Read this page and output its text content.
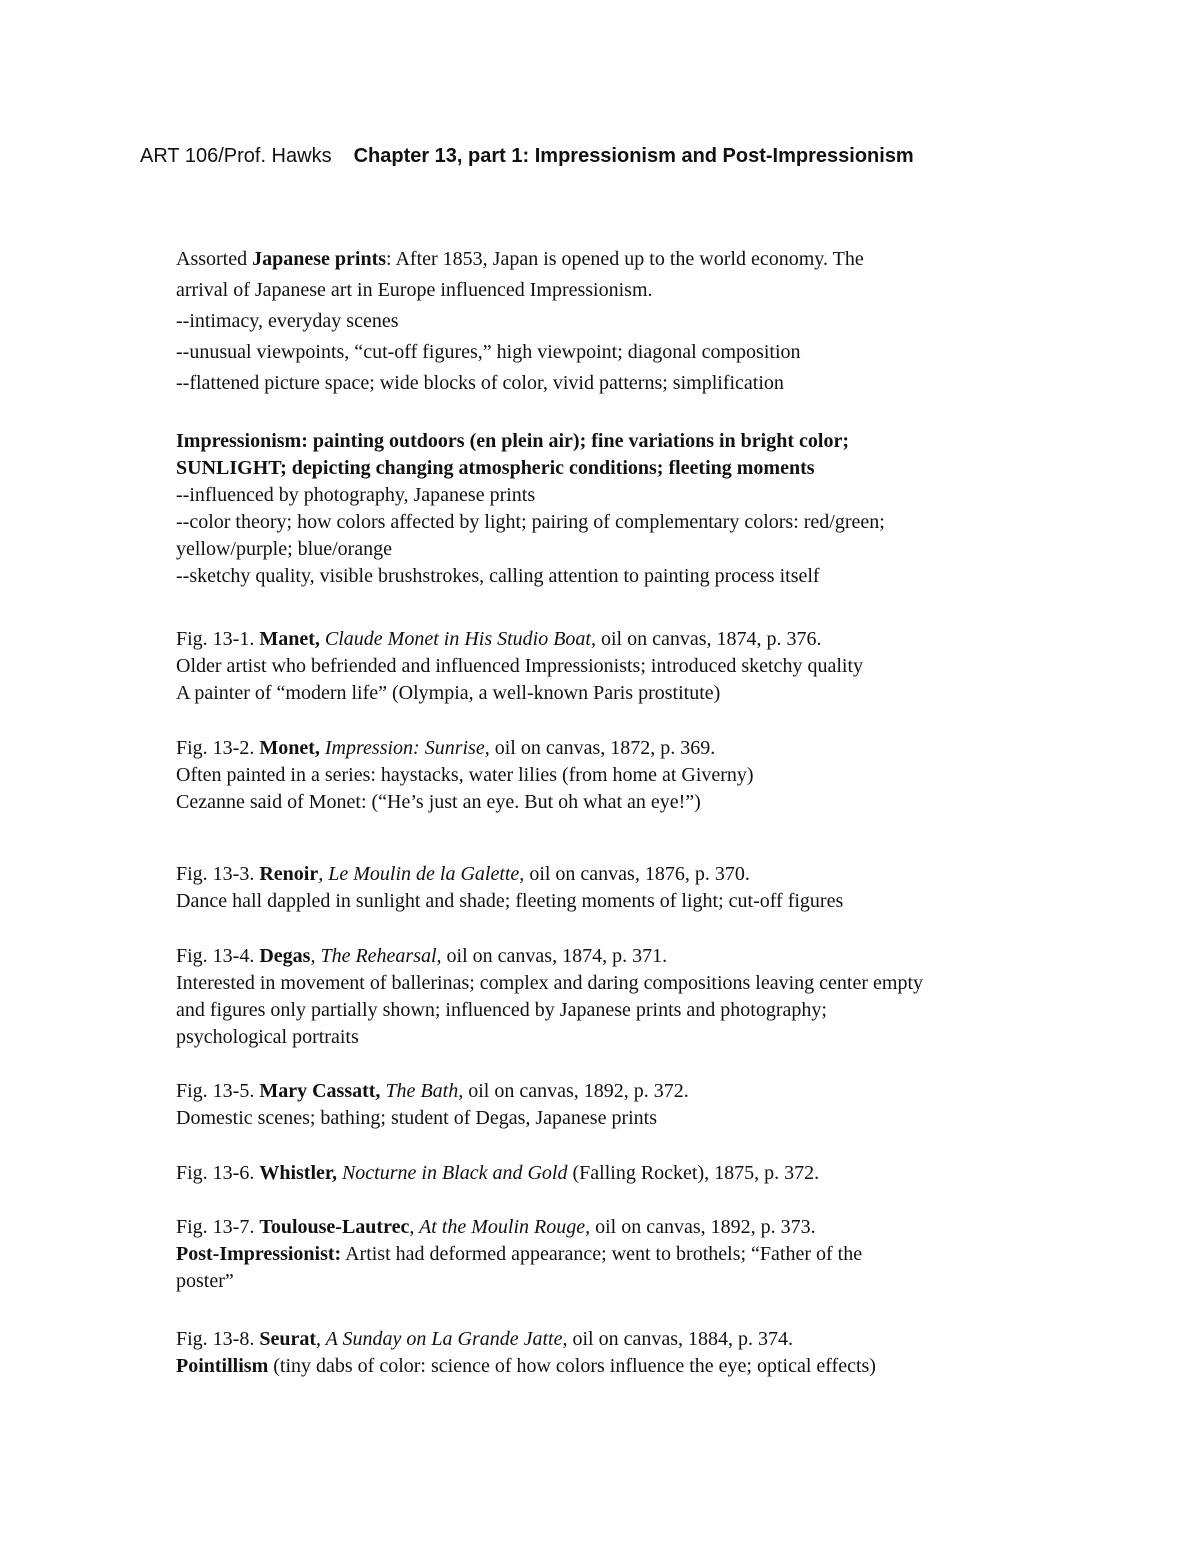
ART 106/Prof. Hawks Chapter 13, part 1: Impressionism and Post-Impressionism
Assorted Japanese prints: After 1853, Japan is opened up to the world economy. The
arrival of Japanese art in Europe influenced Impressionism.
--intimacy, everyday scenes
--unusual viewpoints, “cut-off figures,” high viewpoint; diagonal composition
--flattened picture space; wide blocks of color, vivid patterns; simplification
Impressionism: painting outdoors (en plein air); fine variations in bright color;
SUNLIGHT; depicting changing atmospheric conditions; fleeting moments
--influenced by photography, Japanese prints
--color theory; how colors affected by light; pairing of complementary colors: red/green;
yellow/purple; blue/orange
--sketchy quality, visible brushstrokes, calling attention to painting process itself
Fig. 13-1. Manet, Claude Monet in His Studio Boat, oil on canvas, 1874, p. 376.
Older artist who befriended and influenced Impressionists; introduced sketchy quality
A painter of “modern life” (Olympia, a well-known Paris prostitute)
Fig. 13-2. Monet, Impression: Sunrise, oil on canvas, 1872, p. 369.
Often painted in a series: haystacks, water lilies (from home at Giverny)
Cezanne said of Monet: (“He’s just an eye. But oh what an eye!”)
Fig. 13-3. Renoir, Le Moulin de la Galette, oil on canvas, 1876, p. 370.
Dance hall dappled in sunlight and shade; fleeting moments of light; cut-off figures
Fig. 13-4. Degas, The Rehearsal, oil on canvas, 1874, p. 371.
Interested in movement of ballerinas; complex and daring compositions leaving center empty
and figures only partially shown; influenced by Japanese prints and photography;
psychological portraits
Fig. 13-5. Mary Cassatt, The Bath, oil on canvas, 1892, p. 372.
Domestic scenes; bathing; student of Degas, Japanese prints
Fig. 13-6. Whistler, Nocturne in Black and Gold (Falling Rocket), 1875, p. 372.
Fig. 13-7. Toulouse-Lautrec, At the Moulin Rouge, oil on canvas, 1892, p. 373.
Post-Impressionist: Artist had deformed appearance; went to brothels; “Father of the
poster”
Fig. 13-8. Seurat, A Sunday on La Grande Jatte, oil on canvas, 1884, p. 374.
Pointillism (tiny dabs of color: science of how colors influence the eye; optical effects)
